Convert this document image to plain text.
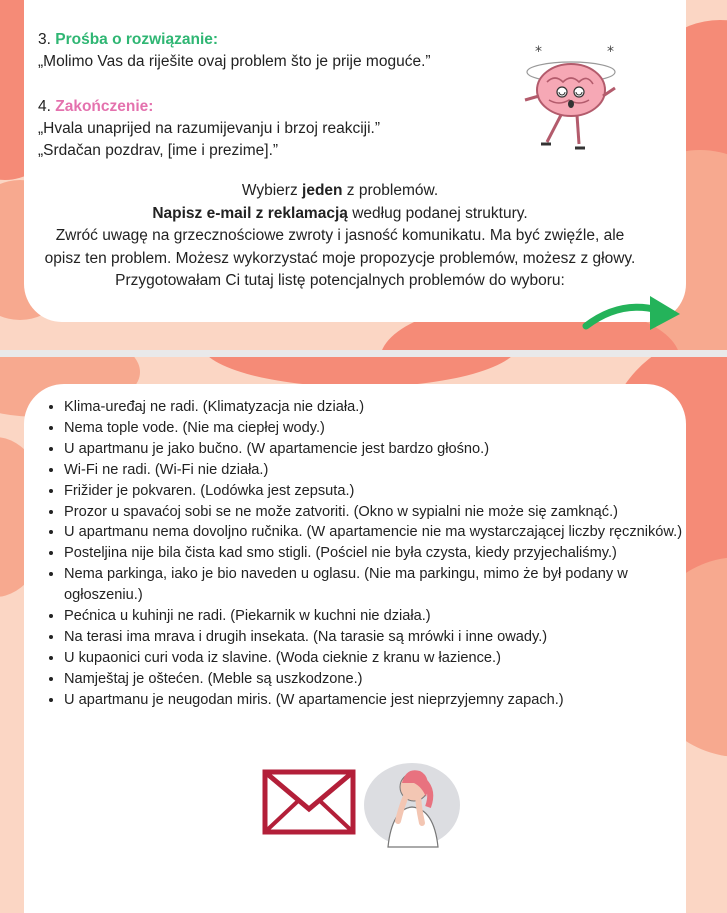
3. Prośba o rozwiązanie:
„Molimo Vas da riješite ovaj problem što je prije moguće.”
4. Zakończenie:
„Hvala unaprijed na razumijevanju i brzoj reakciji.”
„Srdačan pozdrav, [ime i prezime].”
*	*
Wybierz jeden z problemów.
Napisz e-mail z reklamacją według podanej struktury.
Zwróć uwagę na grzecznościowe zwroty i jasność komunikatu. Ma być zwięźle, ale opisz ten problem. Możesz wykorzystać moje propozycje problemów, możesz z głowy. Przygotowałam Ci tutaj listę potencjalnych problemów do wyboru:
• Klima-uređaj ne radi. (Klimatyzacja nie działa.)
• Nema tople vode. (Nie ma ciepłej wody.)
• U apartmanu je jako bučno. (W apartamencie jest bardzo głośno.)
• Wi-Fi ne radi. (Wi-Fi nie działa.)
• Frižider je pokvaren. (Lodówka jest zepsuta.)
• Prozor u spavaćoj sobi se ne može zatvoriti. (Okno w sypialni nie może się zamknąć.)
• U apartmanu nema dovoljno ručnika. (W apartamencie nie ma wystarczającej liczby ręczników.)
• Posteljina nije bila čista kad smo stigli. (Pościel nie była czysta, kiedy przyjechaliśmy.)
• Nema parkinga, iako je bio naveden u oglasu. (Nie ma parkingu, mimo że był podany w ogłoszeniu.)
• Pećnica u kuhinji ne radi. (Piekarnik w kuchni nie działa.)
• Na terasi ima mrava i drugih insekata. (Na tarasie są mrówki i inne owady.)
• U kupaonici curi voda iz slavine. (Woda cieknie z kranu w łazience.)
• Namještaj je oštećen. (Meble są uszkodzone.)
• U apartmanu je neugodan miris. (W apartamencie jest nieprzyjemny zapach.)
